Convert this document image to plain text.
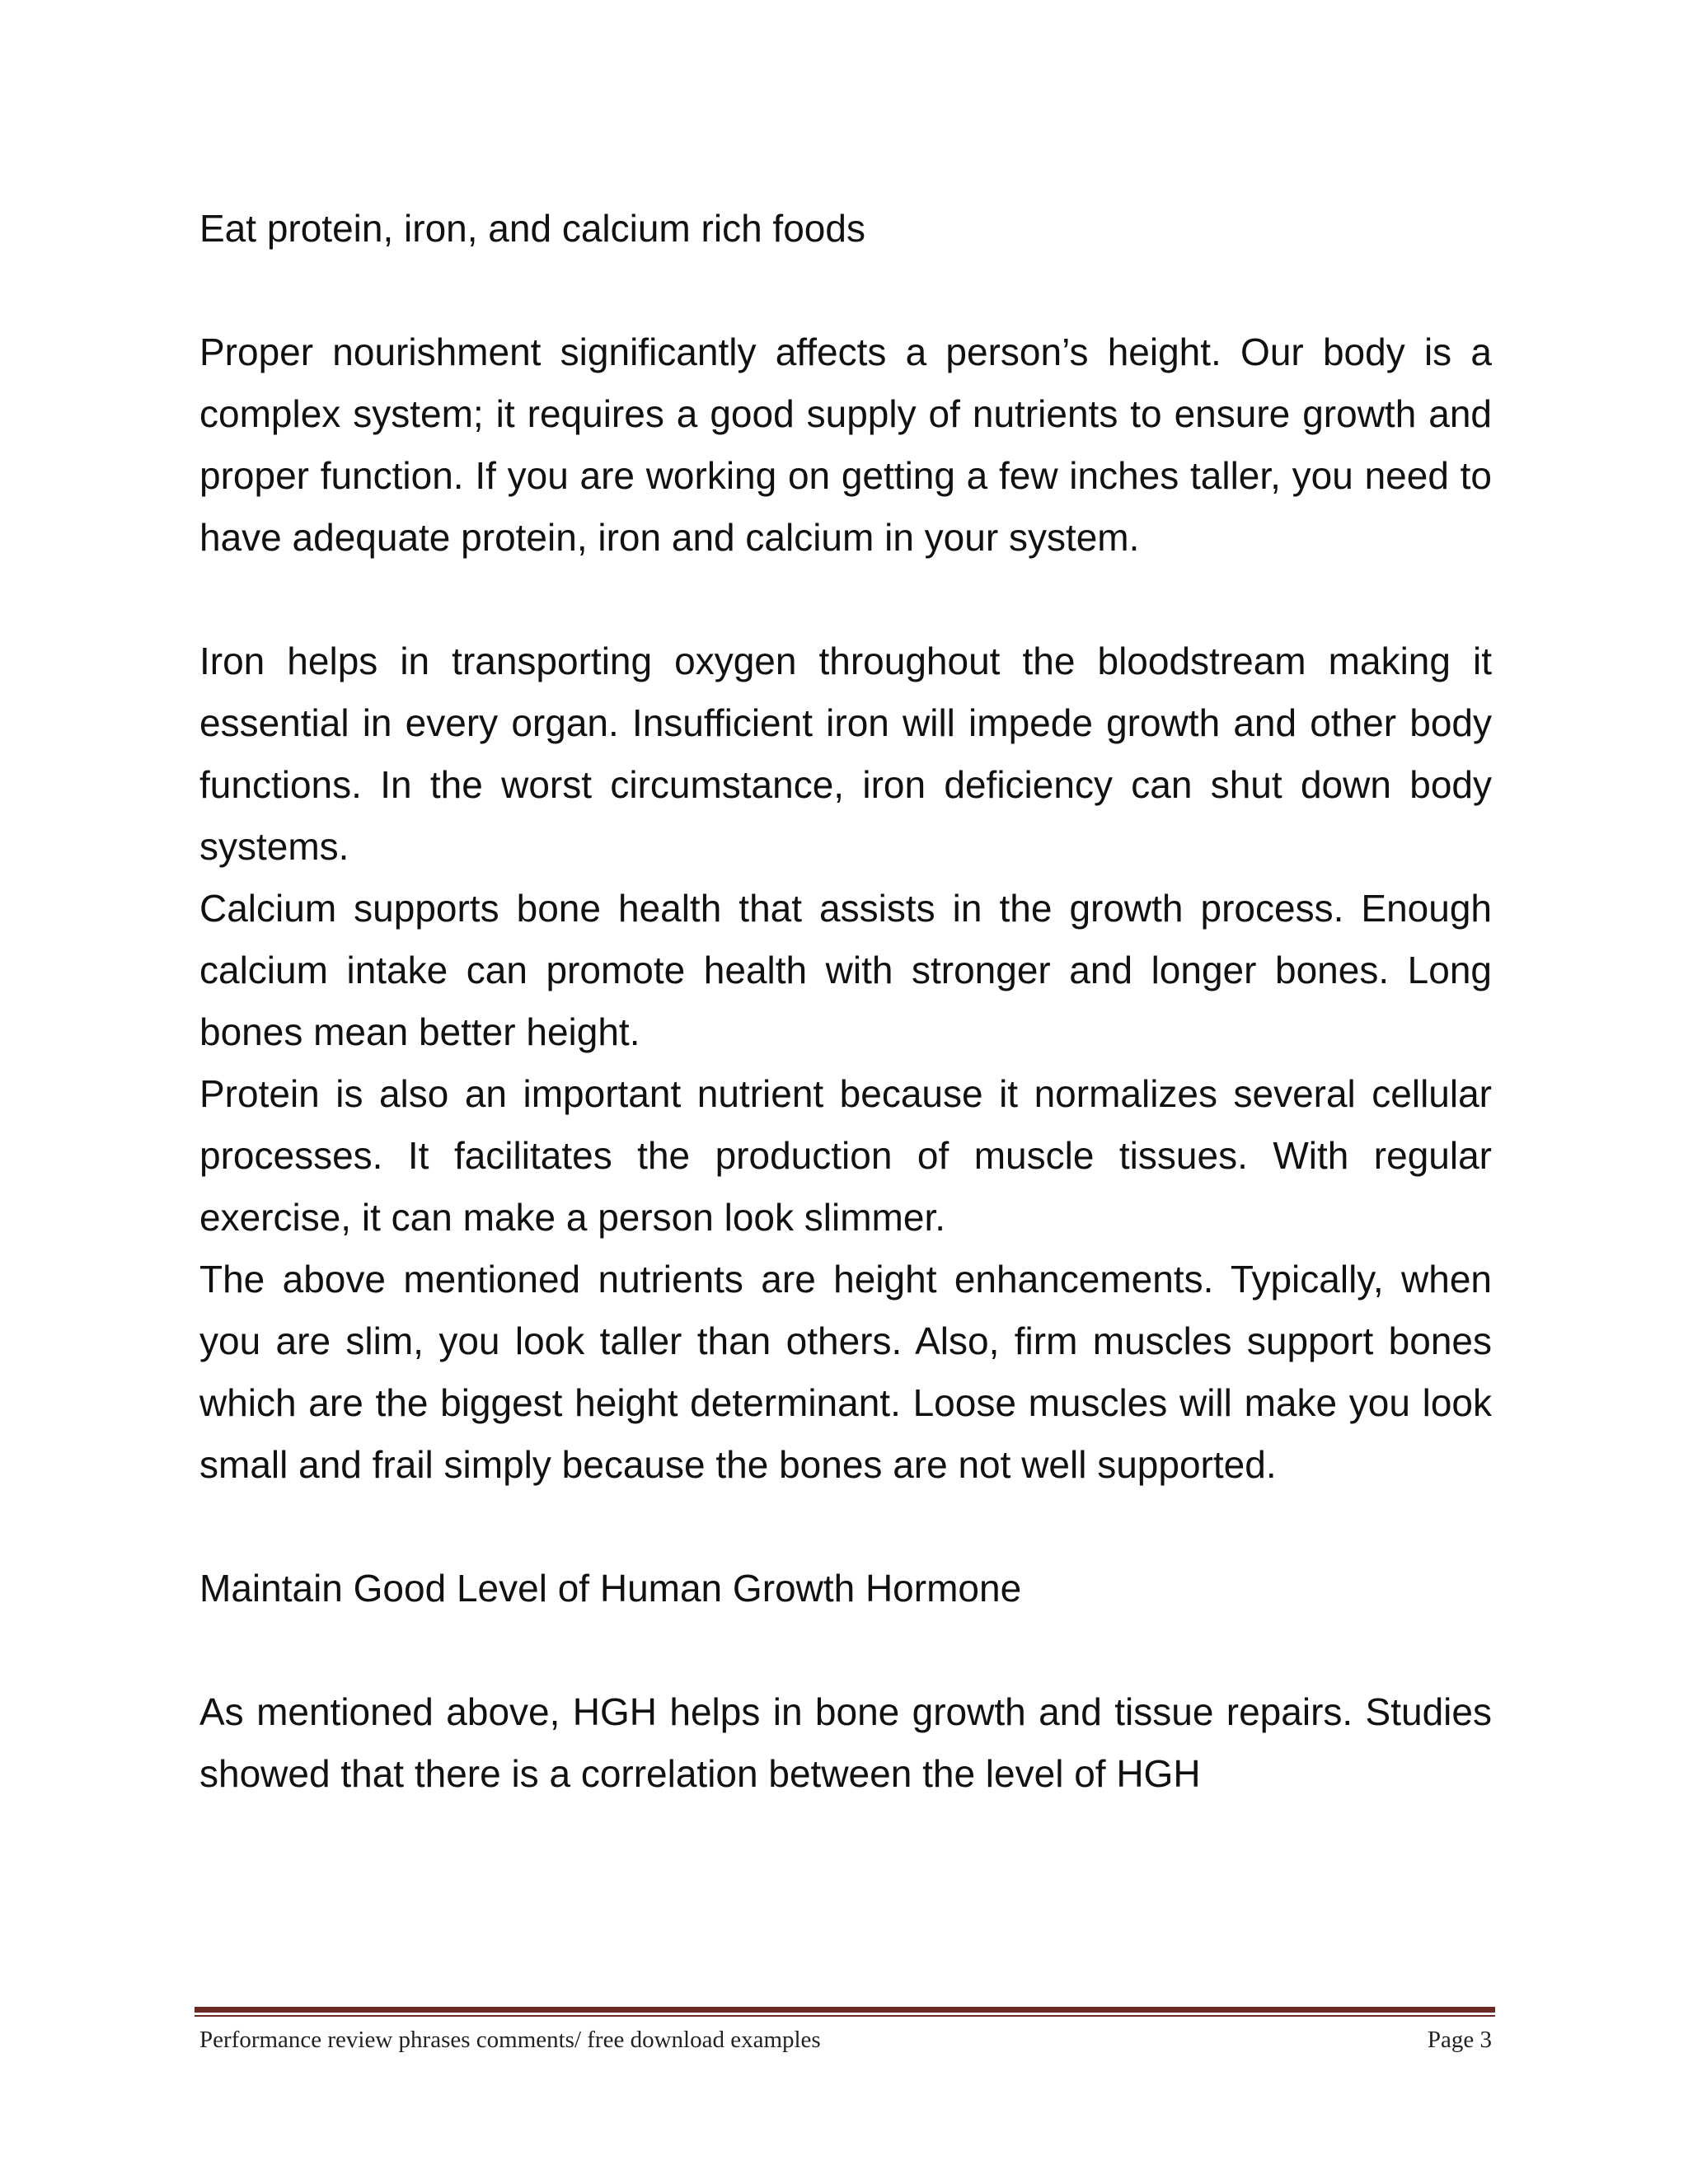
Eat protein, iron, and calcium rich foods

Proper nourishment significantly affects a person’s height. Our body is a complex system; it requires a good supply of nutrients to ensure growth and proper function. If you are working on getting a few inches taller, you need to have adequate protein, iron and calcium in your system.

Iron helps in transporting oxygen throughout the bloodstream making it essential in every organ. Insufficient iron will impede growth and other body functions. In the worst circumstance, iron deficiency can shut down body systems.

Calcium supports bone health that assists in the growth process. Enough calcium intake can promote health with stronger and longer bones. Long bones mean better height.

Protein is also an important nutrient because it normalizes several cellular processes. It facilitates the production of muscle tissues. With regular exercise, it can make a person look slimmer.

The above mentioned nutrients are height enhancements. Typically, when you are slim, you look taller than others. Also, firm muscles support bones which are the biggest height determinant. Loose muscles will make you look small and frail simply because the bones are not well supported.

Maintain Good Level of Human Growth Hormone

As mentioned above, HGH helps in bone growth and tissue repairs. Studies showed that there is a correlation between the level of HGH

Performance review phrases comments/ free download examples	Page 3
